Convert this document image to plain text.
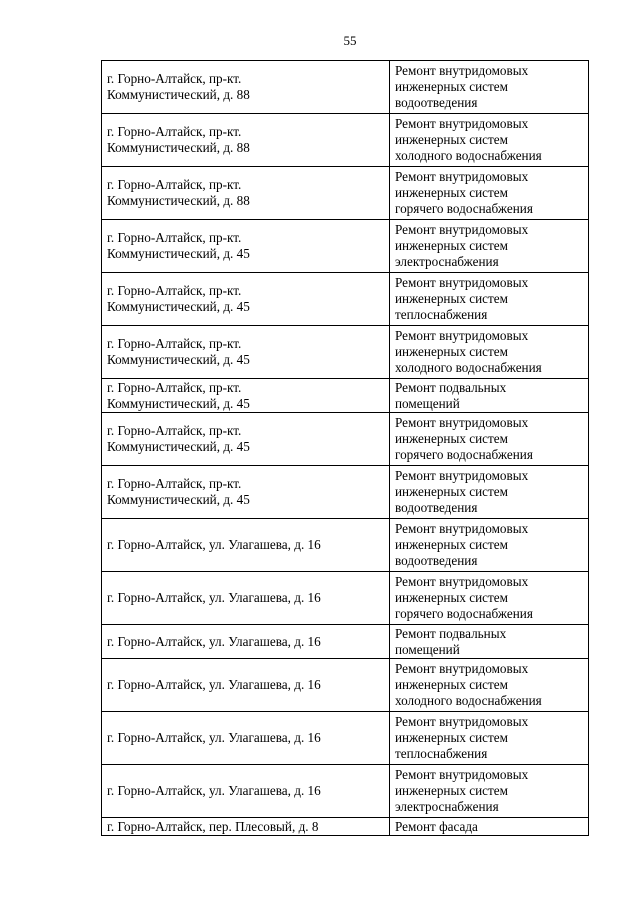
55
г. Горно-Алтайск, пр-кт.
Коммунистический, д. 88	Ремонт внутридомовых
инженерных систем
водоотведения
г. Горно-Алтайск, пр-кт.
Коммунистический, д. 88	Ремонт внутридомовых
инженерных систем
холодного водоснабжения
г. Горно-Алтайск, пр-кт.
Коммунистический, д. 88	Ремонт внутридомовых
инженерных систем
горячего водоснабжения
г. Горно-Алтайск, пр-кт.
Коммунистический, д. 45	Ремонт внутридомовых
инженерных систем
электроснабжения
г. Горно-Алтайск, пр-кт.
Коммунистический, д. 45	Ремонт внутридомовых
инженерных систем
теплоснабжения
г. Горно-Алтайск, пр-кт.
Коммунистический, д. 45	Ремонт внутридомовых
инженерных систем
холодного водоснабжения
г. Горно-Алтайск, пр-кт.
Коммунистический, д. 45	Ремонт подвальных
помещений
г. Горно-Алтайск, пр-кт.
Коммунистический, д. 45	Ремонт внутридомовых
инженерных систем
горячего водоснабжения
г. Горно-Алтайск, пр-кт.
Коммунистический, д. 45	Ремонт внутридомовых
инженерных систем
водоотведения
г. Горно-Алтайск, ул. Улагашева, д. 16	Ремонт внутридомовых
инженерных систем
водоотведения
г. Горно-Алтайск, ул. Улагашева, д. 16	Ремонт внутридомовых
инженерных систем
горячего водоснабжения
г. Горно-Алтайск, ул. Улагашева, д. 16	Ремонт подвальных
помещений
г. Горно-Алтайск, ул. Улагашева, д. 16	Ремонт внутридомовых
инженерных систем
холодного водоснабжения
г. Горно-Алтайск, ул. Улагашева, д. 16	Ремонт внутридомовых
инженерных систем
теплоснабжения
г. Горно-Алтайск, ул. Улагашева, д. 16	Ремонт внутридомовых
инженерных систем
электроснабжения
г. Горно-Алтайск, пер. Плесовый, д. 8	Ремонт фасада
